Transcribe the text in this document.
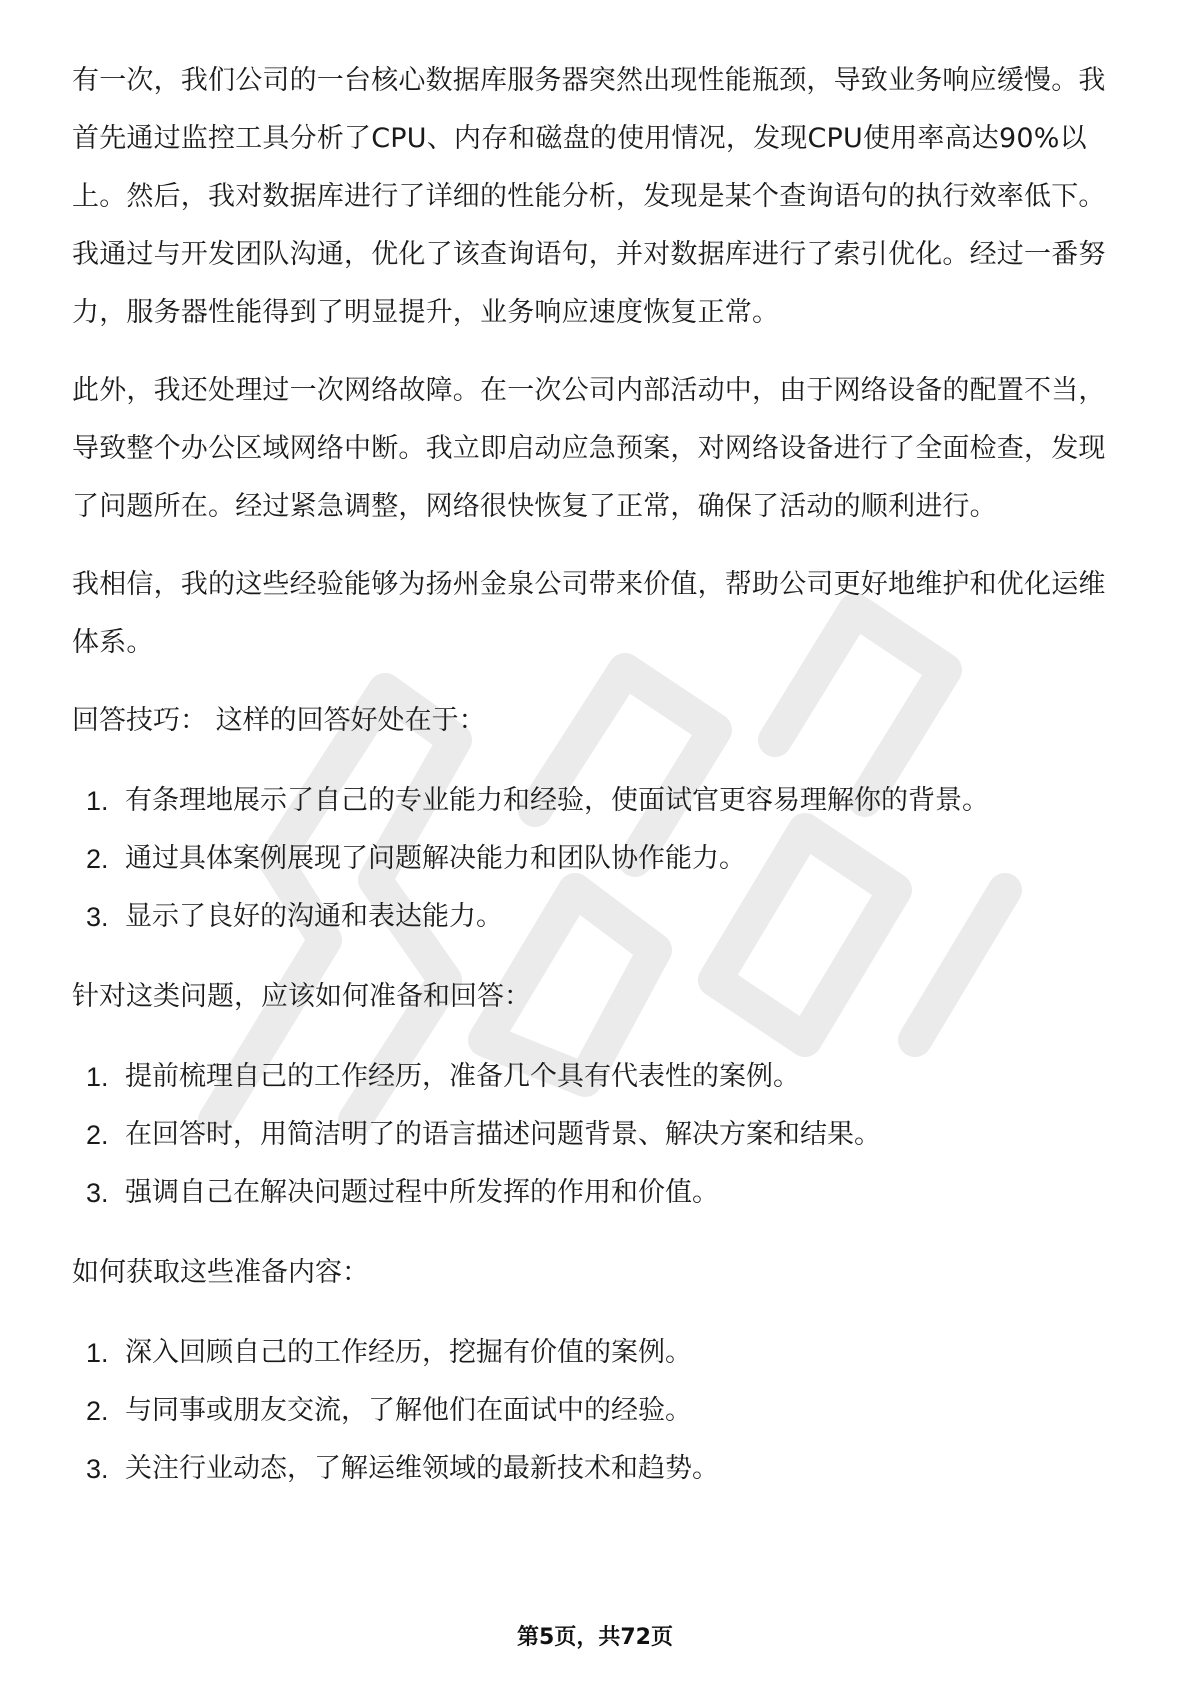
有一次，我们公司的一台核心数据库服务器突然出现性能瓶颈，导致业务响应缓慢。我首先通过监控工具分析了CPU、内存和磁盘的使用情况，发现CPU使用率高达90%以上。然后，我对数据库进行了详细的性能分析，发现是某个查询语句的执行效率低下。我通过与开发团队沟通，优化了该查询语句，并对数据库进行了索引优化。经过一番努力，服务器性能得到了明显提升，业务响应速度恢复正常。

此外，我还处理过一次网络故障。在一次公司内部活动中，由于网络设备的配置不当，导致整个办公区域网络中断。我立即启动应急预案，对网络设备进行了全面检查，发现了问题所在。经过紧急调整，网络很快恢复了正常，确保了活动的顺利进行。

我相信，我的这些经验能够为扬州金泉公司带来价值，帮助公司更好地维护和优化运维体系。

回答技巧： 这样的回答好处在于：

1. 有条理地展示了自己的专业能力和经验，使面试官更容易理解你的背景。
2. 通过具体案例展现了问题解决能力和团队协作能力。
3. 显示了良好的沟通和表达能力。

针对这类问题，应该如何准备和回答：

1. 提前梳理自己的工作经历，准备几个具有代表性的案例。
2. 在回答时，用简洁明了的语言描述问题背景、解决方案和结果。
3. 强调自己在解决问题过程中所发挥的作用和价值。

如何获取这些准备内容：

1. 深入回顾自己的工作经历，挖掘有价值的案例。
2. 与同事或朋友交流，了解他们在面试中的经验。
3. 关注行业动态，了解运维领域的最新技术和趋势。
第5页，共72页
